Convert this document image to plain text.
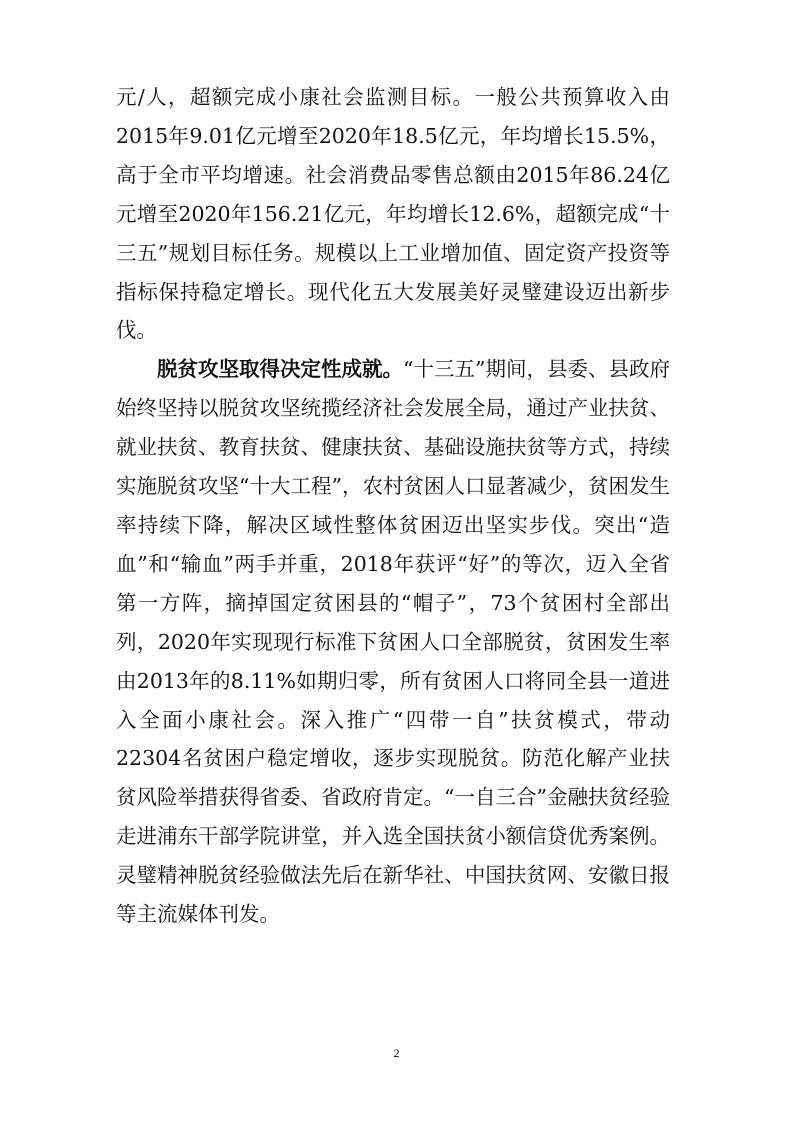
元/人，超额完成小康社会监测目标。一般公共预算收入由2015年9.01亿元增至2020年18.5亿元，年均增长15.5%，高于全市平均增速。社会消费品零售总额由2015年86.24亿元增至2020年156.21亿元，年均增长12.6%，超额完成“十三五”规划目标任务。规模以上工业增加值、固定资产投资等指标保持稳定增长。现代化五大发展美好灵璧建设迈出新步伐。

脱贫攻坚取得决定性成就。“十三五”期间，县委、县政府始终坚持以脱贫攻坚统揽经济社会发展全局，通过产业扶贫、就业扶贫、教育扶贫、健康扶贫、基础设施扶贫等方式，持续实施脱贫攻坚“十大工程”，农村贫困人口显著减少，贫困发生率持续下降，解决区域性整体贫困迈出坚实步伐。突出“造血”和“输血”两手并重，2018年获评“好”的等次，迈入全省第一方阵，摘掉国定贫困县的“帽子”，73个贫困村全部出列，2020年实现现行标准下贫困人口全部脱贫，贫困发生率由2013年的8.11%如期归零，所有贫困人口将同全县一道进入全面小康社会。深入推广“四带一自”扶贫模式，带动22304名贫困户稳定增收，逐步实现脱贫。防范化解产业扶贫风险举措获得省委、省政府肯定。“一自三合”金融扶贫经验走进浦东干部学院讲堂，并入选全国扶贫小额信贷优秀案例。灵璧精神脱贫经验做法先后在新华社、中国扶贫网、安徽日报等主流媒体刊发。

2
